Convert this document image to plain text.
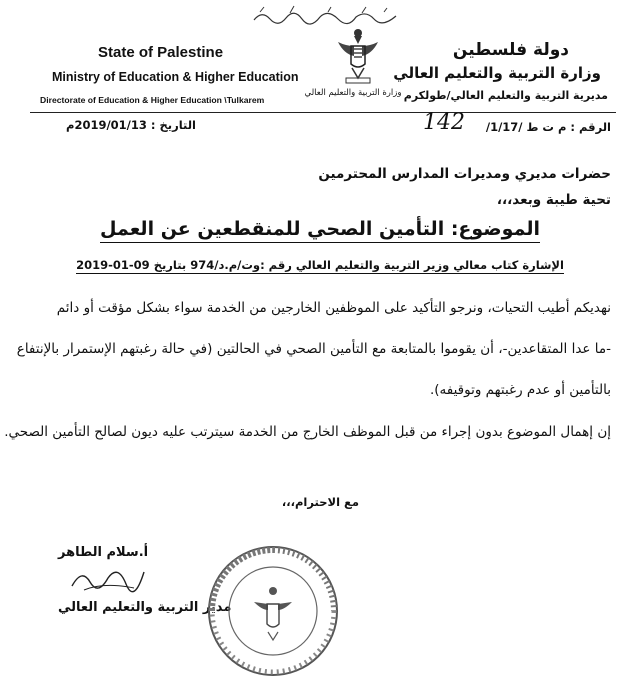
State of Palestine
Ministry of Education & Higher Education
Directorate of Education & Higher Education \Tulkarem
دولة فلسطين
وزارة التربية والتعليم العالي
مديرية التربية والتعليم العالي/طولكرم
وزارة التربية والتعليم العالي
الرقم : م ت ط /1/17/
142
التاريخ : 2019/01/13م
حضرات مديري ومديرات المدارس المحترمين
تحية طيبة وبعد،،،
الموضوع: التأمين الصحي للمنقطعين عن العمل
الإشارة كتاب معالي وزير التربية والتعليم العالي رقم :وت/م.د/974 بتاريخ 09-01-2019
نهديكم أطيب التحيات، ونرجو التأكيد على الموظفين الخارجين من الخدمة سواء بشكل مؤقت أو دائم
-ما عدا المتقاعدين-، أن يقوموا بالمتابعة مع التأمين الصحي في الحالتين (في حالة رغبتهم الإستمرار بالإنتفاع
بالتأمين أو عدم رغبتهم وتوقيفه).
إن إهمال الموضوع بدون إجراء من قبل الموظف الخارج من الخدمة سيترتب عليه ديون لصالح التأمين الصحي.
مع الاحترام،،،
أ.سلام الطاهر
مدير التربية والتعليم العالي
